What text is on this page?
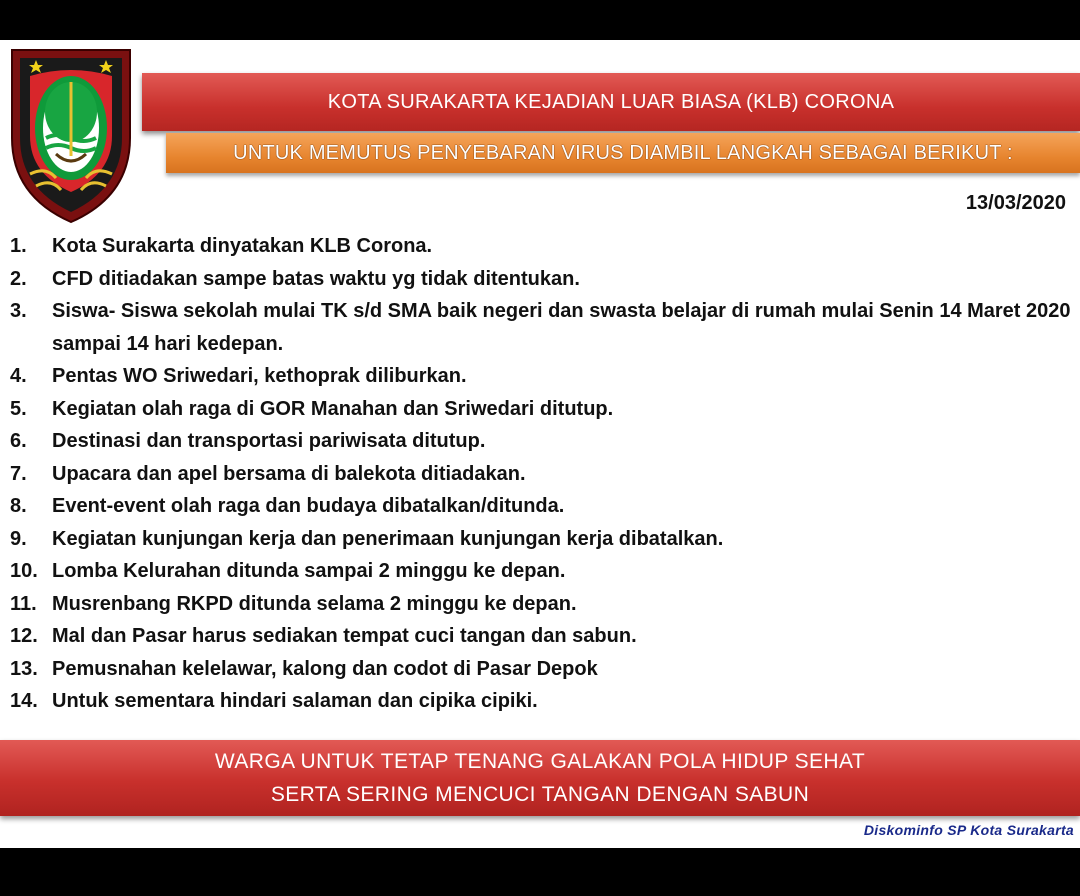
KOTA SURAKARTA KEJADIAN LUAR BIASA (KLB) CORONA
UNTUK MEMUTUS PENYEBARAN VIRUS DIAMBIL LANGKAH SEBAGAI BERIKUT :
13/03/2020
1.	Kota Surakarta dinyatakan KLB Corona.
2.	CFD ditiadakan sampe batas waktu yg tidak ditentukan.
3.	Siswa- Siswa sekolah mulai TK s/d SMA baik negeri dan swasta belajar di rumah mulai Senin 14 Maret 2020 sampai 14 hari kedepan.
4.	Pentas WO Sriwedari, kethoprak diliburkan.
5.	Kegiatan olah raga di GOR Manahan dan Sriwedari ditutup.
6.	Destinasi dan transportasi pariwisata ditutup.
7.	Upacara dan apel bersama di balekota ditiadakan.
8.	Event-event olah raga dan budaya dibatalkan/ditunda.
9.	Kegiatan kunjungan kerja dan penerimaan kunjungan kerja dibatalkan.
10. Lomba Kelurahan ditunda sampai 2 minggu ke depan.
11. Musrenbang RKPD ditunda selama 2 minggu ke depan.
12. Mal dan Pasar harus sediakan tempat cuci tangan dan sabun.
13. Pemusnahan kelelawar, kalong dan codot di Pasar Depok
14. Untuk sementara hindari salaman dan cipika cipiki.
WARGA UNTUK TETAP TENANG GALAKAN POLA HIDUP SEHAT
SERTA SERING MENCUCI TANGAN DENGAN SABUN
Diskominfo SP Kota Surakarta
